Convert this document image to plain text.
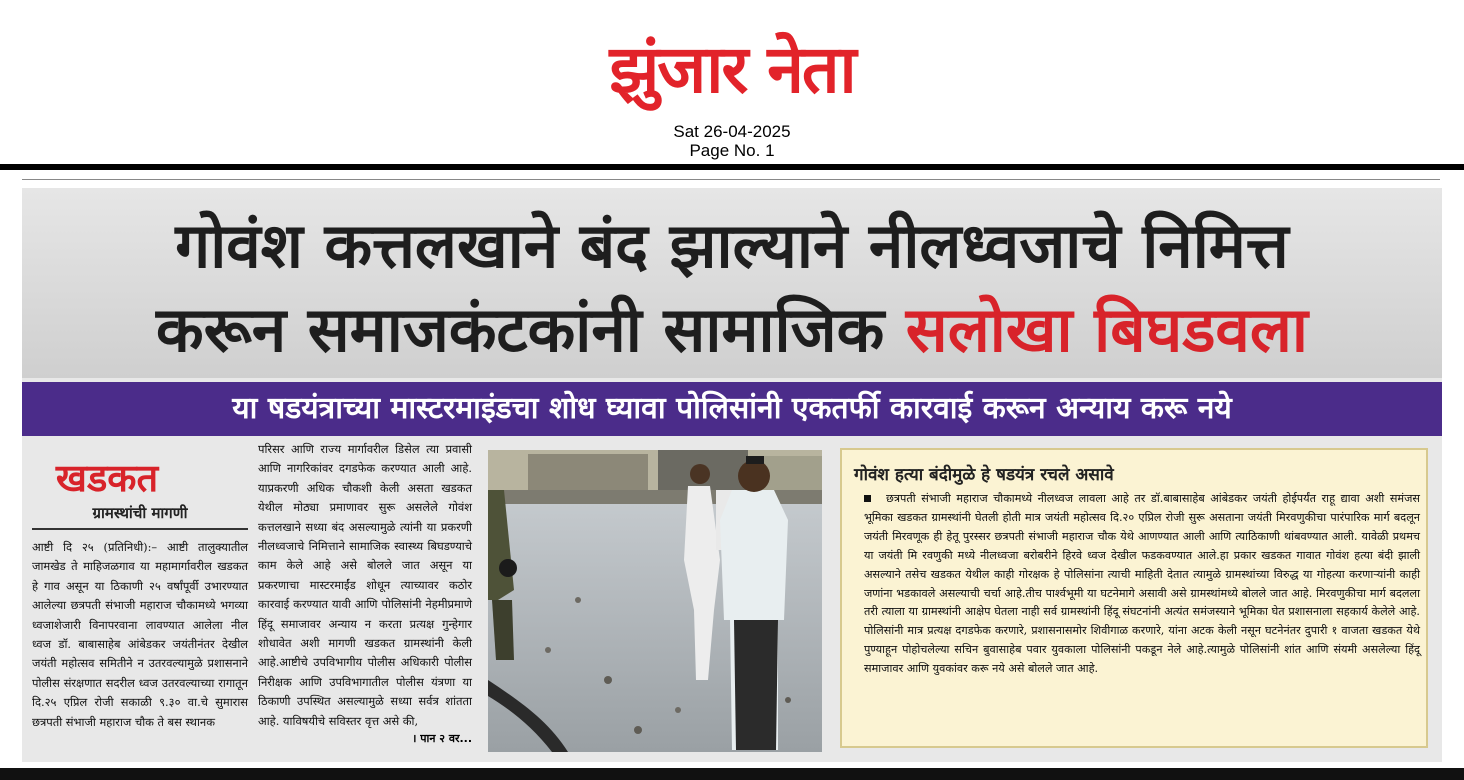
झुंजार नेता
Sat 26-04-2025
Page No. 1
गोवंश कत्तलखाने बंद झाल्याने नीलध्वजाचे निमित्त
करून समाजकंटकांनी सामाजिक सलोखा बिघडवला
या षडयंत्राच्या मास्टरमाइंडचा शोध घ्यावा पोलिसांनी एकतर्फी कारवाई करून अन्याय करू नये
खडकत
ग्रामस्थांची मागणी

आष्टी दि २५ (प्रतिनिधी):– आष्टी तालुक्यातील जामखेड ते माहिजळगाव या महामार्गावरील खडकत हे गाव असून या ठिकाणी २५ वर्षांपूर्वी उभारण्यात आलेल्या छत्रपती संभाजी महाराज चौकामध्ये भगव्या ध्वजाशेजारी विनापरवाना लावण्यात आलेला नील ध्वज डॉ. बाबासाहेब आंबेडकर जयंतीनंतर देखील जयंती महोत्सव समितीने न उतरवल्यामुळे प्रशासनाने पोलीस संरक्षणात सदरील ध्वज उतरवल्याच्या रागातून दि.२५ एप्रिल रोजी सकाळी ९.३० वा.चे सुमारास छत्रपती संभाजी महाराज चौक ते बस स्थानक

परिसर आणि राज्य मार्गावरील डिसेल त्या प्रवासी आणि नागरिकांवर दगडफेक करण्यात आली आहे. याप्रकरणी अधिक चौकशी केली असता खडकत येथील मोठ्या प्रमाणावर सुरू असलेले गोवंश कत्तलखाने सध्या बंद असल्यामुळे त्यांनी या प्रकरणी नीलध्वजाचे निमित्ताने सामाजिक स्वास्थ्य बिघडण्याचे काम केले आहे असे बोलले जात असून या प्रकरणाचा मास्टरमाईंड शोधून त्याच्यावर कठोर कारवाई करण्यात यावी आणि पोलिसांनी नेहमीप्रमाणे हिंदू समाजावर अन्याय न करता प्रत्यक्ष गुन्हेगार शोधावेत अशी मागणी खडकत ग्रामस्थांनी केली आहे.आष्टीचे उपविभागीय पोलीस अधिकारी पोलीस निरीक्षक आणि उपविभागातील पोलीस यंत्रणा या ठिकाणी उपस्थित असल्यामुळे सध्या सर्वत्र शांतता आहे. याविषयीचे सविस्तर वृत्त असे की,

। पान २ वर...
गोवंश हत्या बंदीमुळे हे षडयंत्र रचले असावे

छत्रपती संभाजी महाराज चौकामध्ये नीलध्वज लावला आहे तर डॉ.बाबासाहेब आंबेडकर जयंती होईपर्यंत राहू द्यावा अशी समंजस भूमिका खडकत ग्रामस्थांनी घेतली होती मात्र जयंती महोत्सव दि.२० एप्रिल रोजी सुरू असताना जयंती मिरवणुकीचा पारंपारिक मार्ग बदलून जयंती मिरवणूक ही हेतू पुरस्सर छत्रपती संभाजी महाराज चौक येथे आणण्यात आली आणि त्याठिकाणी थांबवण्यात आली. यावेळी प्रथमच या जयंती मि रवणुकी मध्ये नीलध्वजा बरोबरीने हिरवे ध्वज देखील फडकवण्यात आले.हा प्रकार खडकत गावात गोवंश हत्या बंदी झाली असल्याने तसेच खडकत येथील काही गोरक्षक हे पोलिसांना त्याची माहिती देतात त्यामुळे ग्रामस्थांच्या विरुद्ध या गोहत्या करणाऱ्यांनी काही जणांना भडकावले असल्याची चर्चा आहे.तीच पार्श्वभूमी या घटनेमागे असावी असे ग्रामस्थांमध्ये बोलले जात आहे. मिरवणुकीचा मार्ग बदलला तरी त्याला या ग्रामस्थांनी आक्षेप घेतला नाही सर्व ग्रामस्थांनी हिंदू संघटनांनी अत्यंत समंजस्याने भूमिका घेत प्रशासनाला सहकार्य केलेले आहे. पोलिसांनी मात्र प्रत्यक्ष दगडफेक करणारे, प्रशासनासमोर शिवीगाळ करणारे, यांना अटक केली नसून घटनेनंतर दुपारी १ वाजता खडकत येथे पुण्याहून पोहोचलेल्या सचिन बुवासाहेब पवार युवकाला पोलिसांनी पकडून नेले आहे.त्यामुळे पोलिसांनी शांत आणि संयमी असलेल्या हिंदू समाजावर आणि युवकांवर करू नये असे बोलले जात आहे.
